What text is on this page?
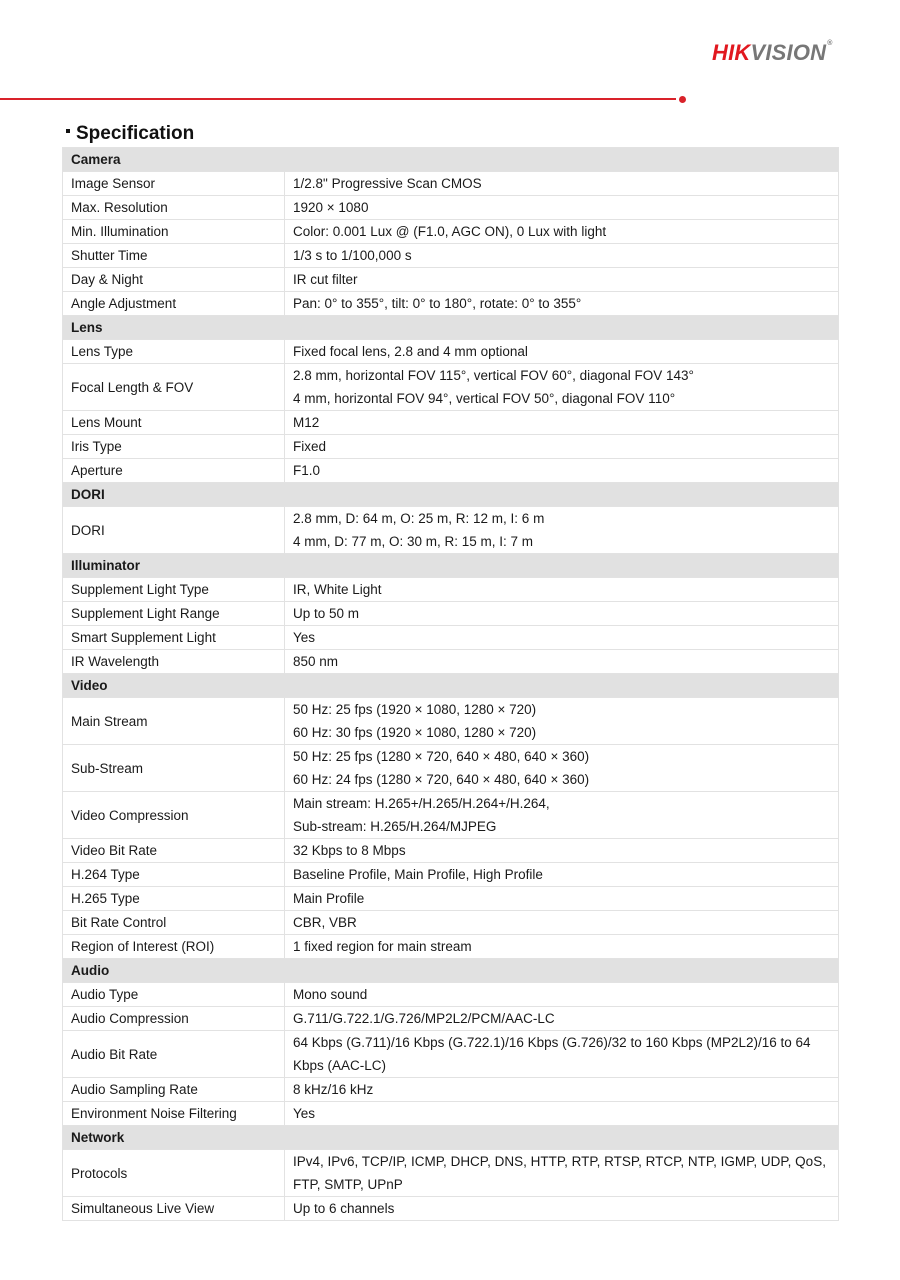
HIKVISION®
Specification
Camera	
Image Sensor	1/2.8" Progressive Scan CMOS

Max. Resolution	1920 × 1080

Min. Illumination	Color: 0.001 Lux @ (F1.0, AGC ON), 0 Lux with light

Shutter Time	1/3 s to 1/100,000 s

Day & Night	IR cut filter

Angle Adjustment	Pan: 0° to 355°, tilt: 0° to 180°, rotate: 0° to 355°

Lens	
Lens Type	Fixed focal lens, 2.8 and 4 mm optional

Focal Length & FOV	2.8 mm, horizontal FOV 115°, vertical FOV 60°, diagonal FOV 143°
4 mm, horizontal FOV 94°, vertical FOV 50°, diagonal FOV 110°

Lens Mount	M12

Iris Type	Fixed

Aperture	F1.0

DORI	
DORI	2.8 mm, D: 64 m, O: 25 m, R: 12 m, I: 6 m
4 mm, D: 77 m, O: 30 m, R: 15 m, I: 7 m

Illuminator	
Supplement Light Type	IR, White Light

Supplement Light Range	Up to 50 m

Smart Supplement Light	Yes

IR Wavelength	850 nm

Video	
Main Stream	50 Hz: 25 fps (1920 × 1080, 1280 × 720)
60 Hz: 30 fps (1920 × 1080, 1280 × 720)

Sub-Stream	50 Hz: 25 fps (1280 × 720, 640 × 480, 640 × 360)
60 Hz: 24 fps (1280 × 720, 640 × 480, 640 × 360)

Video Compression	Main stream: H.265+/H.265/H.264+/H.264,
Sub-stream: H.265/H.264/MJPEG

Video Bit Rate	32 Kbps to 8 Mbps

H.264 Type	Baseline Profile, Main Profile, High Profile

H.265 Type	Main Profile

Bit Rate Control	CBR, VBR

Region of Interest (ROI)	1 fixed region for main stream

Audio	
Audio Type	Mono sound

Audio Compression	G.711/G.722.1/G.726/MP2L2/PCM/AAC-LC

Audio Bit Rate	64 Kbps (G.711)/16 Kbps (G.722.1)/16 Kbps (G.726)/32 to 160 Kbps (MP2L2)/16 to 64
Kbps (AAC-LC)

Audio Sampling Rate	8 kHz/16 kHz

Environment Noise Filtering	Yes

Network	
Protocols	IPv4, IPv6, TCP/IP, ICMP, DHCP, DNS, HTTP, RTP, RTSP, RTCP, NTP, IGMP, UDP, QoS,
FTP, SMTP, UPnP

Simultaneous Live View	Up to 6 channels
